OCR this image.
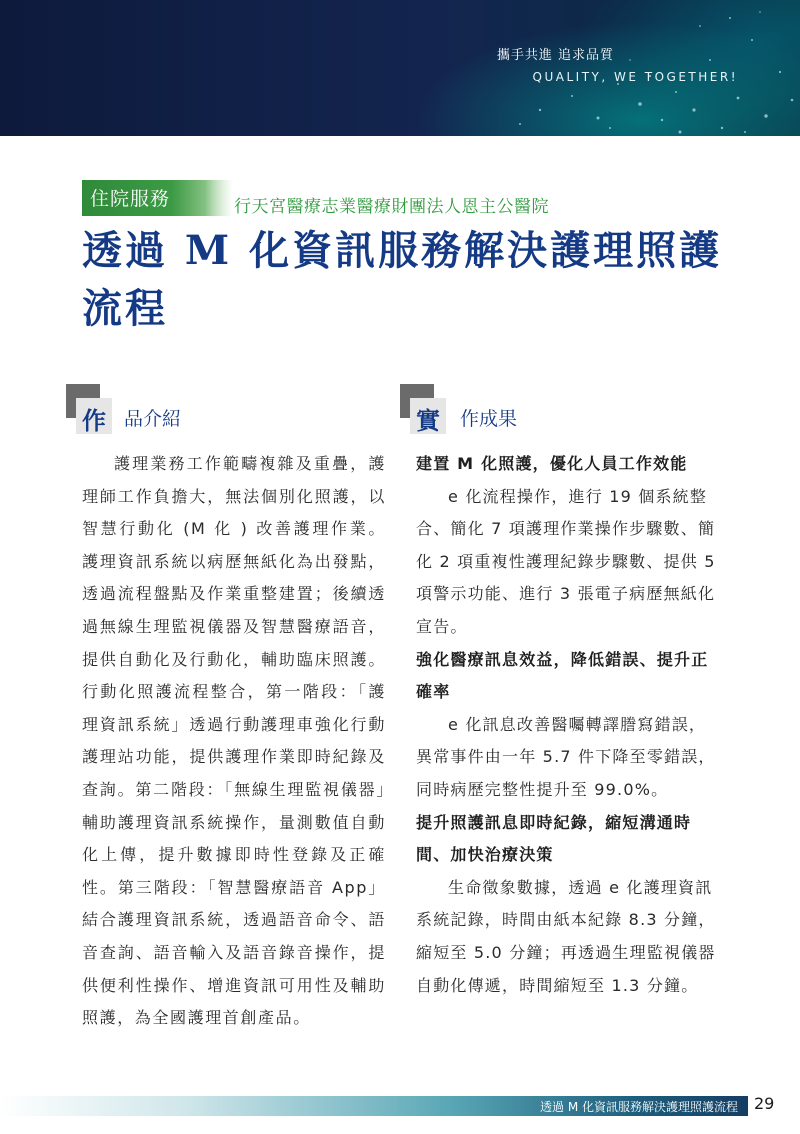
攜手共進 追求品質
QUALITY, WE TOGETHER!
住院服務	行天宮醫療志業醫療財團法人恩主公醫院
透過 M 化資訊服務解決護理照護流程
作 品介紹	實 作成果

護理業務工作範疇複雜及重疊，護理師工作負擔大，無法個別化照護，以智慧行動化 (M 化 ) 改善護理作業。護理資訊系統以病歷無紙化為出發點，透過流程盤點及作業重整建置；後續透過無線生理監視儀器及智慧醫療語音，提供自動化及行動化，輔助臨床照護。行動化照護流程整合，第一階段：「護理資訊系統」透過行動護理車強化行動護理站功能，提供護理作業即時紀錄及查詢。第二階段：「無線生理監視儀器」輔助護理資訊系統操作，量測數值自動化上傳，提升數據即時性登錄及正確性。第三階段：「智慧醫療語音 App」結合護理資訊系統，透過語音命令、語音查詢、語音輸入及語音錄音操作，提供便利性操作、增進資訊可用性及輔助照護，為全國護理首創產品。

建置 M 化照護，優化人員工作效能

e 化流程操作，進行 19 個系統整合、簡化 7 項護理作業操作步驟數、簡化 2 項重複性護理紀錄步驟數、提供 5 項警示功能、進行 3 張電子病歷無紙化宣告。

強化醫療訊息效益，降低錯誤、提升正確率

e 化訊息改善醫囑轉譯謄寫錯誤，異常事件由一年 5.7 件下降至零錯誤，同時病歷完整性提升至 99.0%。

提升照護訊息即時紀錄，縮短溝通時間、加快治療決策

生命徵象數據，透過 e 化護理資訊系統記錄，時間由紙本紀錄 8.3 分鐘，縮短至 5.0 分鐘；再透過生理監視儀器自動化傳遞，時間縮短至 1.3 分鐘。

透過 M 化資訊服務解決護理照護流程 29
